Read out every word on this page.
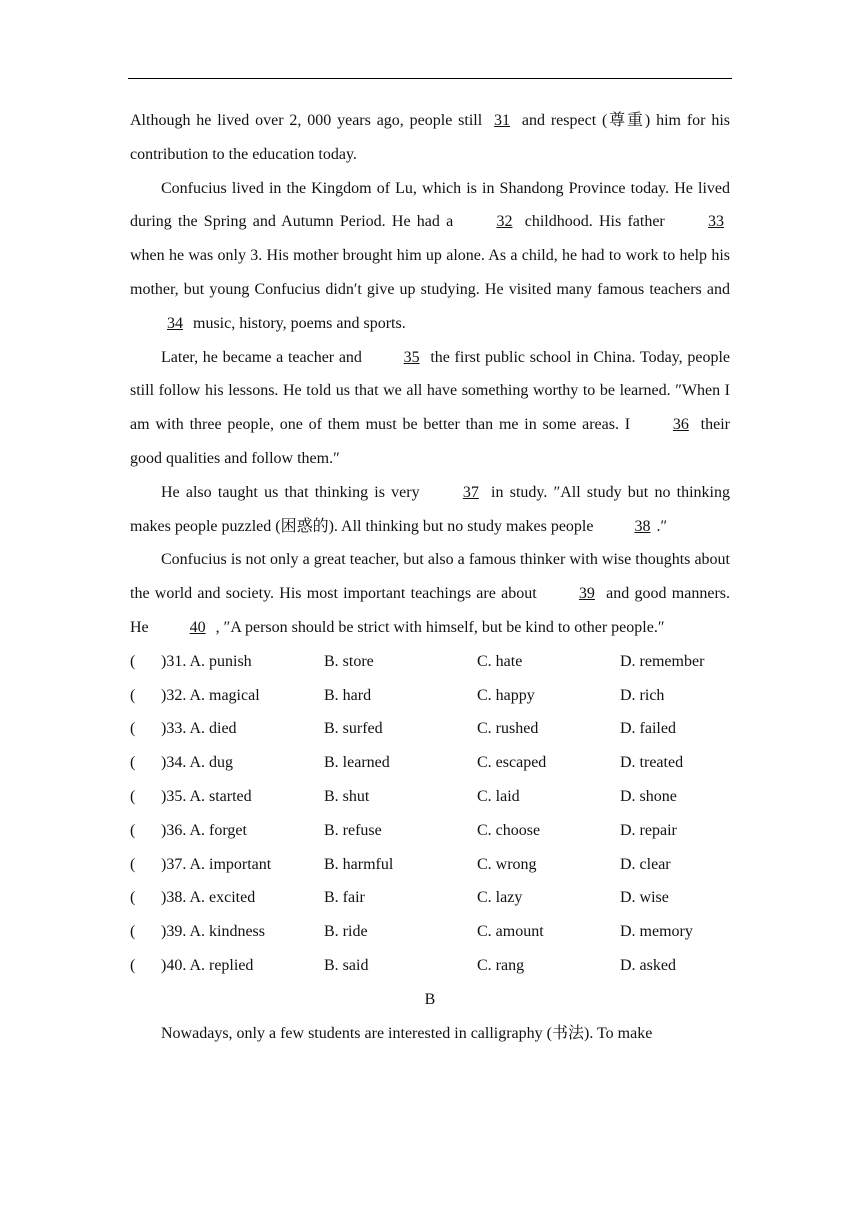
Although he lived over 2, 000 years ago, people still 31 and respect (尊重) him for his contribution to the education today.

Confucius lived in the Kingdom of Lu, which is in Shandong Province today. He lived during the Spring and Autumn Period. He had a 32 childhood. His father 33 when he was only 3. His mother brought him up alone. As a child, he had to work to help his mother, but young Confucius didn′t give up studying. He visited many famous teachers and 34 music, history, poems and sports.

Later, he became a teacher and 35 the first public school in China. Today, people still follow his lessons. He told us that we all have something worthy to be learned. ″When I am with three people, one of them must be better than me in some areas. I 36 their good qualities and follow them.″

He also taught us that thinking is very 37 in study. ″All study but no thinking makes people puzzled (困惑的). All thinking but no study makes people 38 .″

Confucius is not only a great teacher, but also a famous thinker with wise thoughts about the world and society. His most important teachings are about 39 and good manners. He 40 , ″A person should be strict with himself, but be kind to other people.″

( )31. A. punish	B. store	C. hate	D. remember
( )32. A. magical	B. hard	C. happy	D. rich
( )33. A. died	B. surfed	C. rushed	D. failed
( )34. A. dug	B. learned	C. escaped	D. treated
( )35. A. started	B. shut	C. laid	D. shone
( )36. A. forget	B. refuse	C. choose	D. repair
( )37. A. important	B. harmful	C. wrong	D. clear
( )38. A. excited	B. fair	C. lazy	D. wise
( )39. A. kindness	B. ride	C. amount	D. memory
( )40. A. replied	B. said	C. rang	D. asked

B

Nowadays, only a few students are interested in calligraphy (书法). To make
